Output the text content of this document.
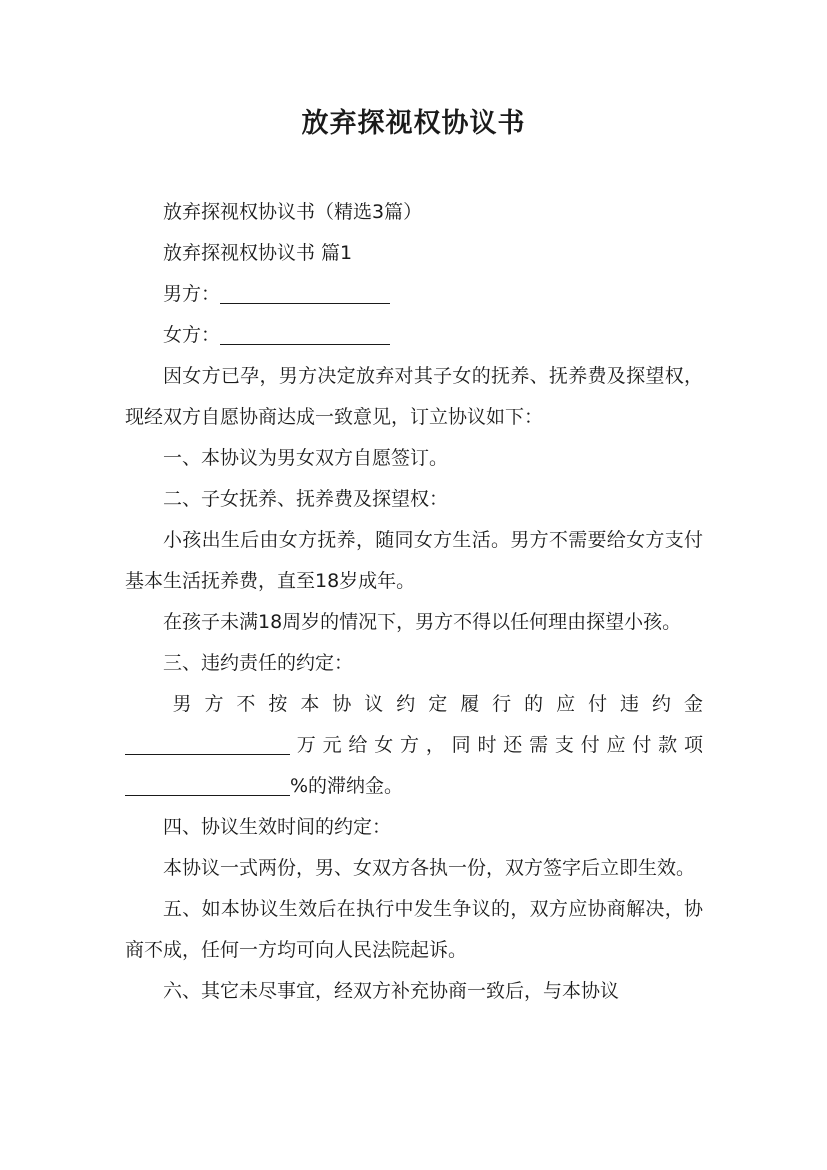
放弃探视权协议书

放弃探视权协议书（精选3篇）

放弃探视权协议书 篇1

男方：

女方：

因女方已孕，男方决定放弃对其子女的抚养、抚养费及探望权，现经双方自愿协商达成一致意见，订立协议如下：

一、本协议为男女双方自愿签订。

二、子女抚养、抚养费及探望权：

小孩出生后由女方抚养，随同女方生活。男方不需要给女方支付基本生活抚养费，直至18岁成年。

在孩子未满18周岁的情况下，男方不得以任何理由探望小孩。

三、违约责任的约定：

男方不按本协议约定履行的应付违约金
万元给女方，同时还需支付应付款项
%的滞纳金。

四、协议生效时间的约定：

本协议一式两份，男、女双方各执一份，双方签字后立即生效。

五、如本协议生效后在执行中发生争议的，双方应协商解决，协商不成，任何一方均可向人民法院起诉。

六、其它未尽事宜，经双方补充协商一致后，与本协议
